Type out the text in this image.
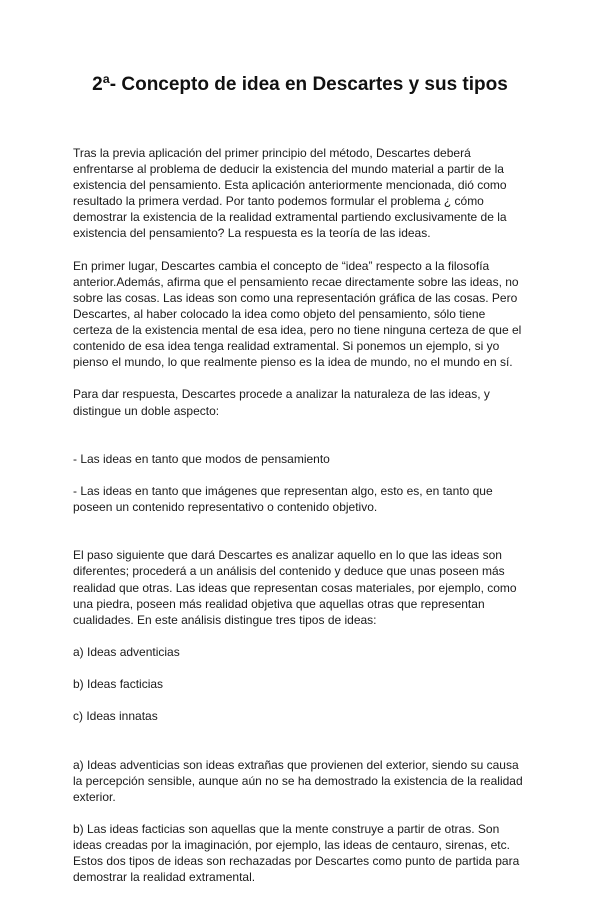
2ª- Concepto de idea en Descartes y sus tipos

Tras la previa aplicación del primer principio del método, Descartes deberá
enfrentarse al problema de deducir la existencia del mundo material a partir de la
existencia del pensamiento. Esta aplicación anteriormente mencionada, dió como
resultado la primera verdad. Por tanto podemos formular el problema ¿ cómo
demostrar la existencia de la realidad extramental partiendo exclusivamente de la
existencia del pensamiento? La respuesta es la teoría de las ideas.

En primer lugar, Descartes cambia el concepto de “idea” respecto a la filosofía
anterior.Además, afirma que el pensamiento recae directamente sobre las ideas, no
sobre las cosas. Las ideas son como una representación gráfica de las cosas. Pero
Descartes, al haber colocado la idea como objeto del pensamiento, sólo tiene
certeza de la existencia mental de esa idea, pero no tiene ninguna certeza de que el
contenido de esa idea tenga realidad extramental. Si ponemos un ejemplo, si yo
pienso el mundo, lo que realmente pienso es la idea de mundo, no el mundo en sí.

Para dar respuesta, Descartes procede a analizar la naturaleza de las ideas, y
distingue un doble aspecto:

- Las ideas en tanto que modos de pensamiento

- Las ideas en tanto que imágenes que representan algo, esto es, en tanto que
poseen un contenido representativo o contenido objetivo.

El paso siguiente que dará Descartes es analizar aquello en lo que las ideas son
diferentes; procederá a un análisis del contenido y deduce que unas poseen más
realidad que otras. Las ideas que representan cosas materiales, por ejemplo, como
una piedra, poseen más realidad objetiva que aquellas otras que representan
cualidades. En este análisis distingue tres tipos de ideas:

a) Ideas adventicias

b) Ideas facticias

c) Ideas innatas

a) Ideas adventicias son ideas extrañas que provienen del exterior, siendo su causa
la percepción sensible, aunque aún no se ha demostrado la existencia de la realidad
exterior.

b) Las ideas facticias son aquellas que la mente construye a partir de otras. Son
ideas creadas por la imaginación, por ejemplo, las ideas de centauro, sirenas, etc.
Estos dos tipos de ideas son rechazadas por Descartes como punto de partida para
demostrar la realidad extramental.
